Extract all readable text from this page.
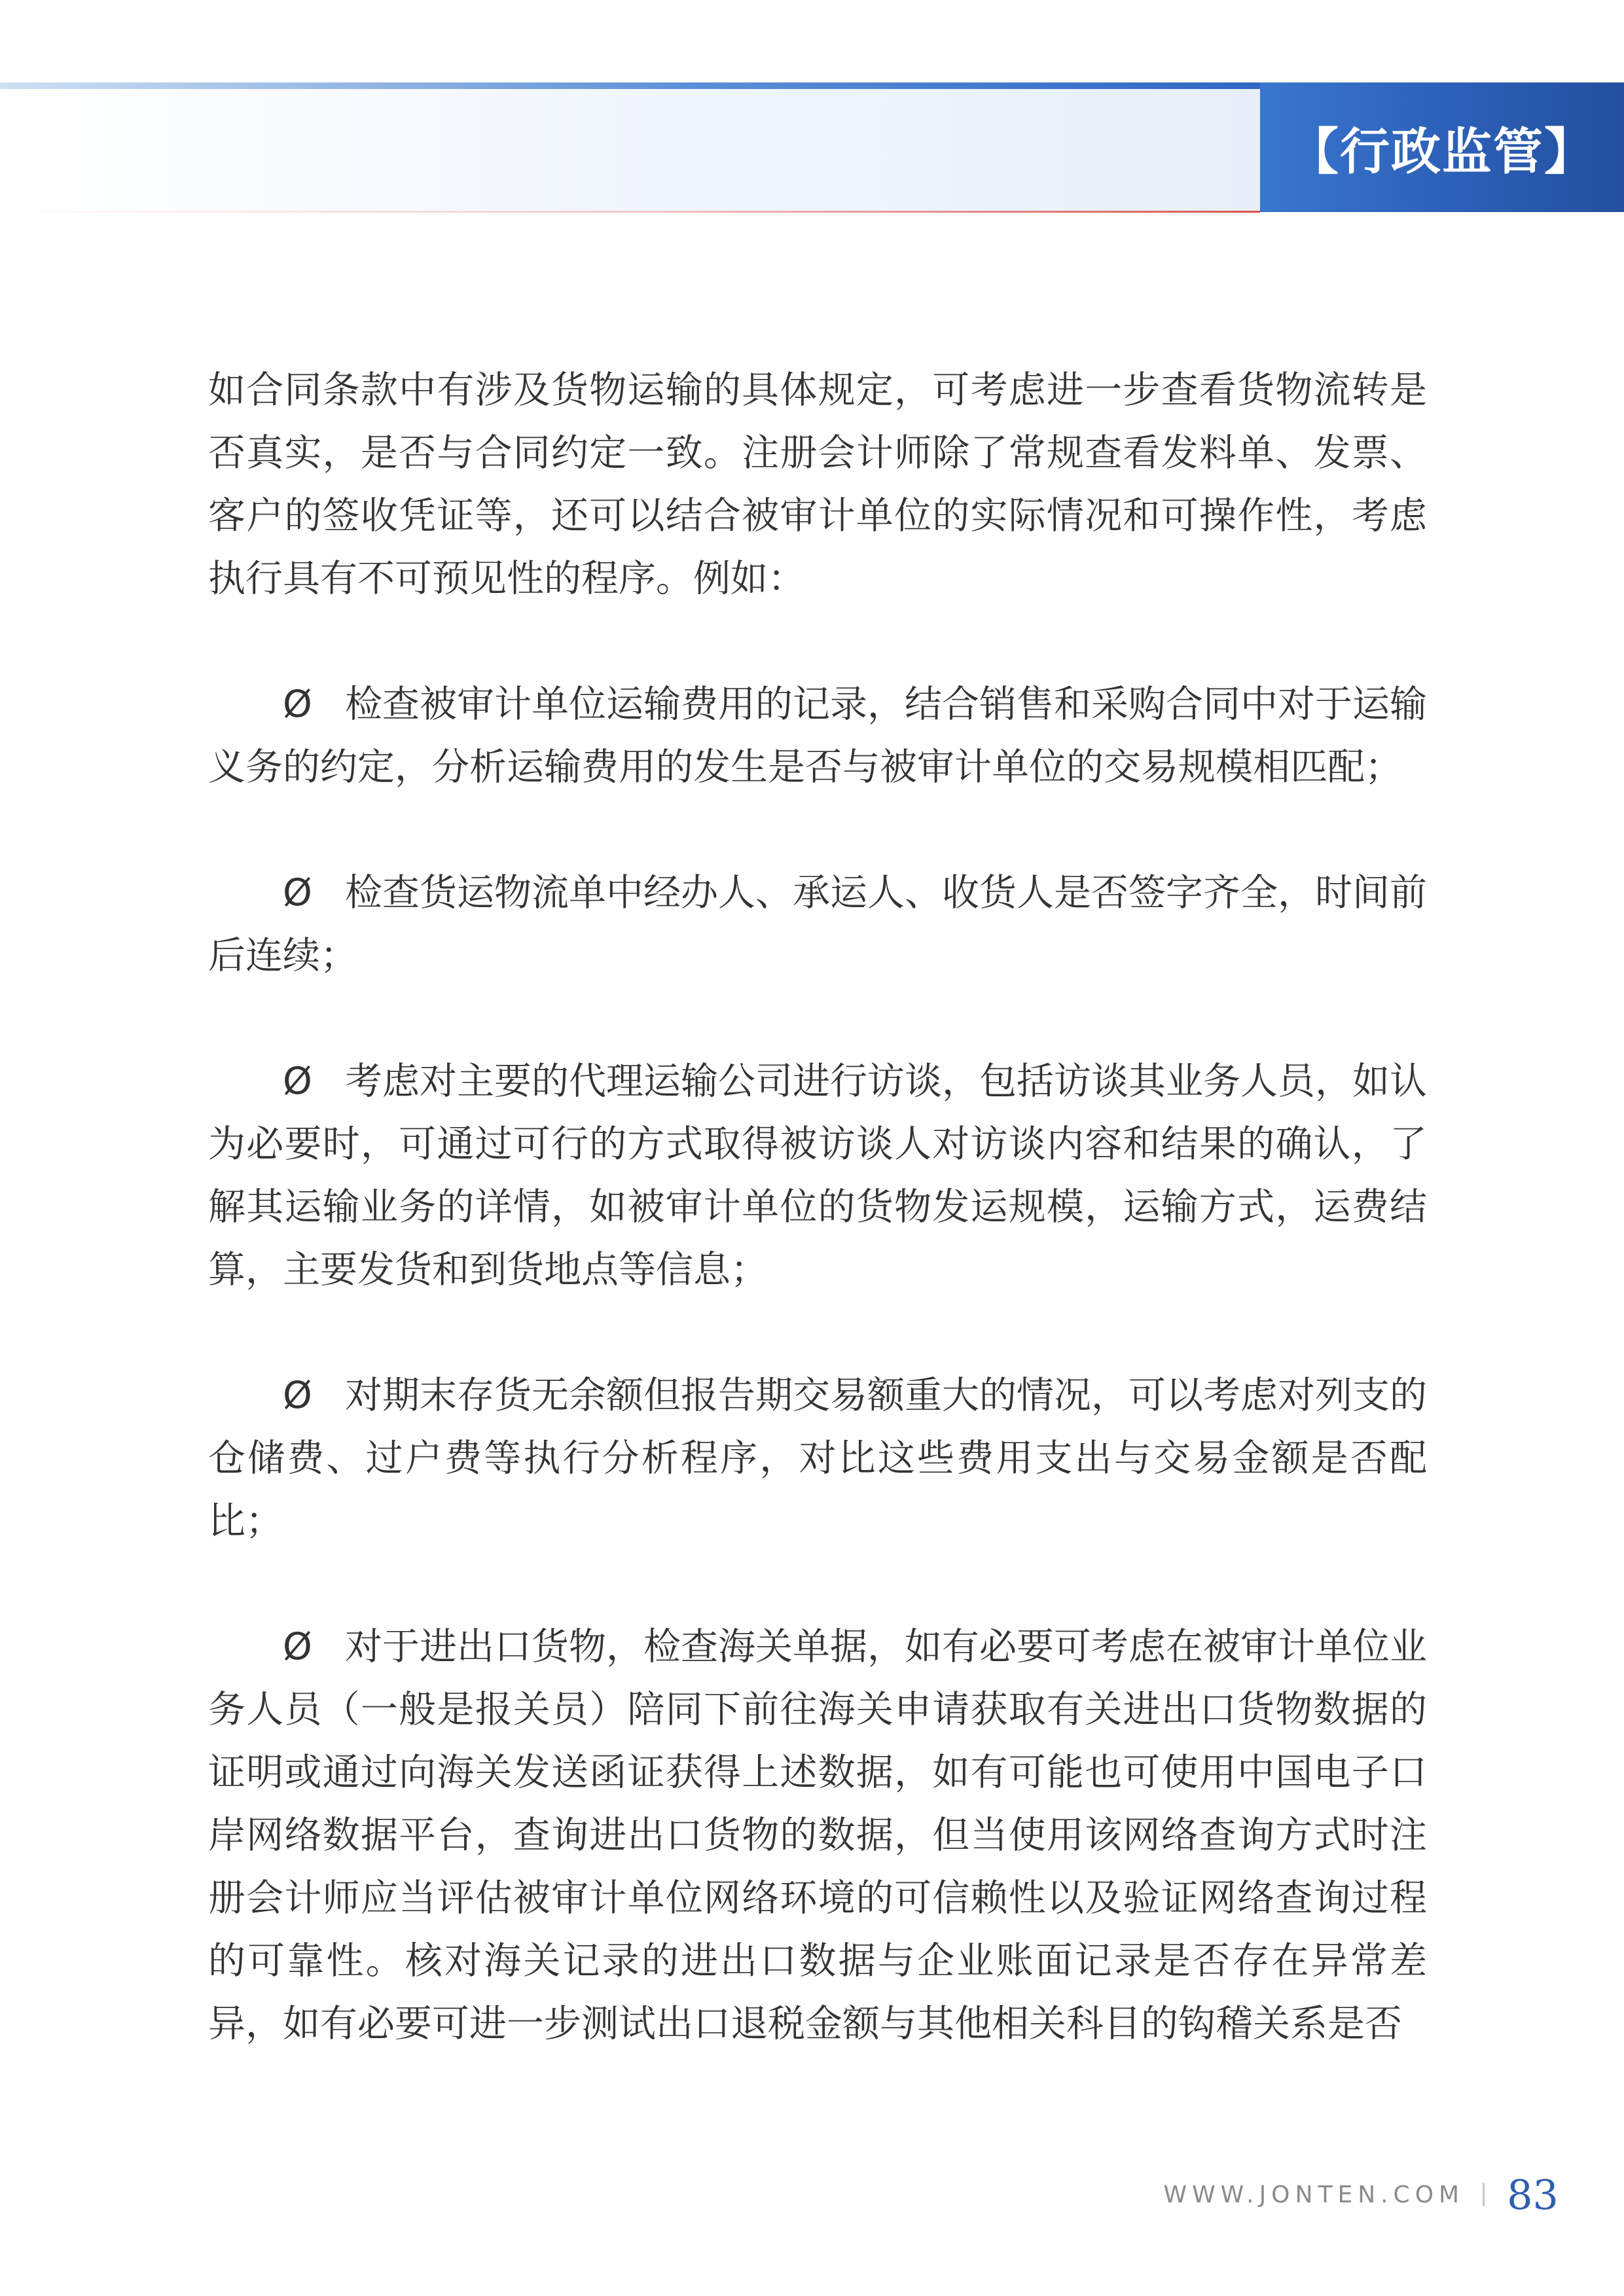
【行政监管】

如合同条款中有涉及货物运输的具体规定，可考虑进一步查看货物流转是否真实，是否与合同约定一致。注册会计师除了常规查看发料单、发票、客户的签收凭证等，还可以结合被审计单位的实际情况和可操作性，考虑执行具有不可预见性的程序。例如：

Ø 检查被审计单位运输费用的记录，结合销售和采购合同中对于运输义务的约定，分析运输费用的发生是否与被审计单位的交易规模相匹配；

Ø 检查货运物流单中经办人、承运人、收货人是否签字齐全，时间前后连续；

Ø 考虑对主要的代理运输公司进行访谈，包括访谈其业务人员，如认为必要时，可通过可行的方式取得被访谈人对访谈内容和结果的确认，了解其运输业务的详情，如被审计单位的货物发运规模，运输方式，运费结算，主要发货和到货地点等信息；

Ø 对期末存货无余额但报告期交易额重大的情况，可以考虑对列支的仓储费、过户费等执行分析程序，对比这些费用支出与交易金额是否配比；

Ø 对于进出口货物，检查海关单据，如有必要可考虑在被审计单位业务人员（一般是报关员）陪同下前往海关申请获取有关进出口货物数据的证明或通过向海关发送函证获得上述数据，如有可能也可使用中国电子口岸网络数据平台，查询进出口货物的数据，但当使用该网络查询方式时注册会计师应当评估被审计单位网络环境的可信赖性以及验证网络查询过程的可靠性。核对海关记录的进出口数据与企业账面记录是否存在异常差异，如有必要可进一步测试出口退税金额与其他相关科目的钩稽关系是否

WWW.JONTEN.COM 83
